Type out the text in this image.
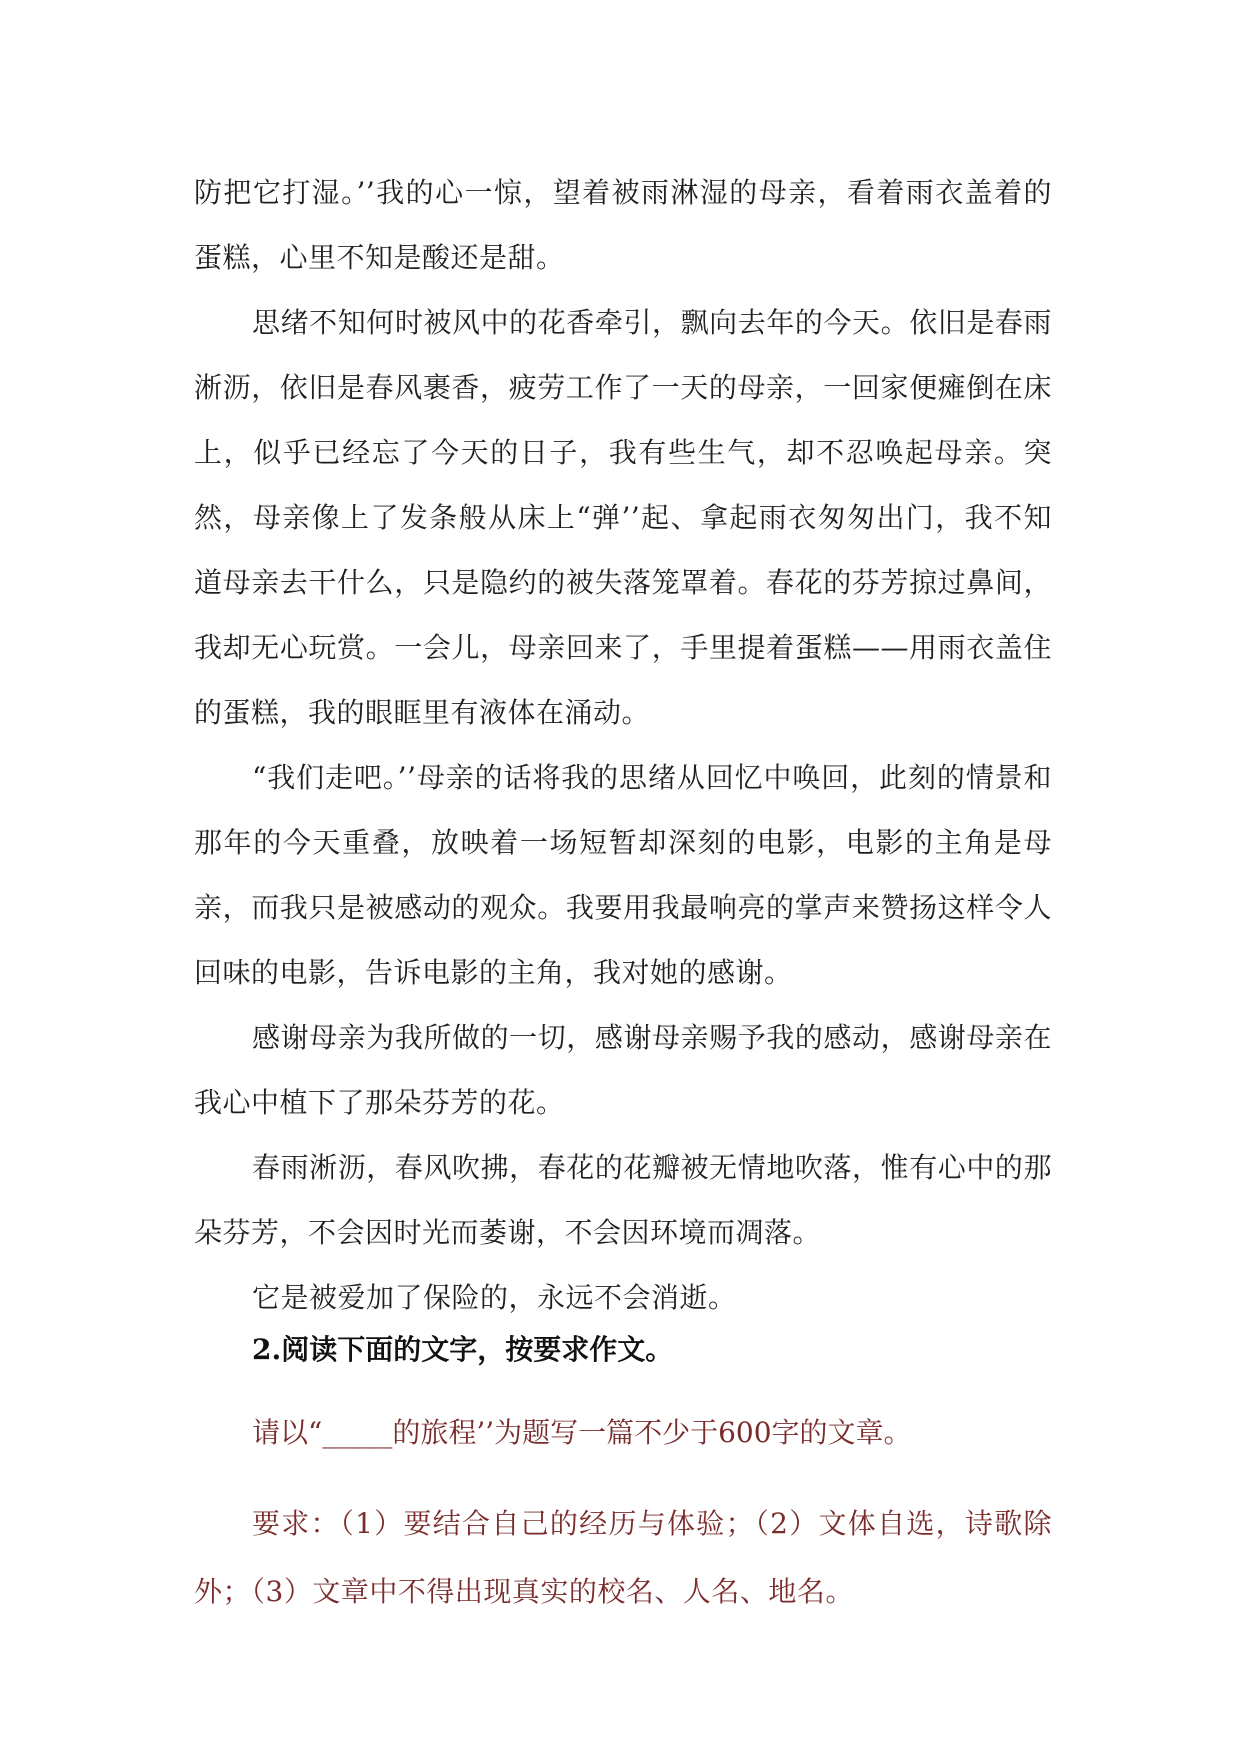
防把它打湿。’’我的心一惊，望着被雨淋湿的母亲，看着雨衣盖着的蛋糕，心里不知是酸还是甜。

思绪不知何时被风中的花香牵引，飘向去年的今天。依旧是春雨淅沥，依旧是春风裹香，疲劳工作了一天的母亲，一回家便瘫倒在床上，似乎已经忘了今天的日子，我有些生气，却不忍唤起母亲。突然，母亲像上了发条般从床上“弹’’起、拿起雨衣匆匆出门，我不知道母亲去干什么，只是隐约的被失落笼罩着。春花的芬芳掠过鼻间，我却无心玩赏。一会儿，母亲回来了，手里提着蛋糕——用雨衣盖住的蛋糕，我的眼眶里有液体在涌动。

“我们走吧。’’母亲的话将我的思绪从回忆中唤回，此刻的情景和那年的今天重叠，放映着一场短暂却深刻的电影，电影的主角是母亲，而我只是被感动的观众。我要用我最响亮的掌声来赞扬这样令人回味的电影，告诉电影的主角，我对她的感谢。

感谢母亲为我所做的一切，感谢母亲赐予我的感动，感谢母亲在我心中植下了那朵芬芳的花。

春雨淅沥，春风吹拂，春花的花瓣被无情地吹落，惟有心中的那朵芬芳，不会因时光而萎谢，不会因环境而凋落。

它是被爱加了保险的，永远不会消逝。

2.阅读下面的文字，按要求作文。

请以“_____的旅程’’为题写一篇不少于600字的文章。

要求：（1）要结合自己的经历与体验；（2）文体自选，诗歌除外；（3）文章中不得出现真实的校名、人名、地名。
